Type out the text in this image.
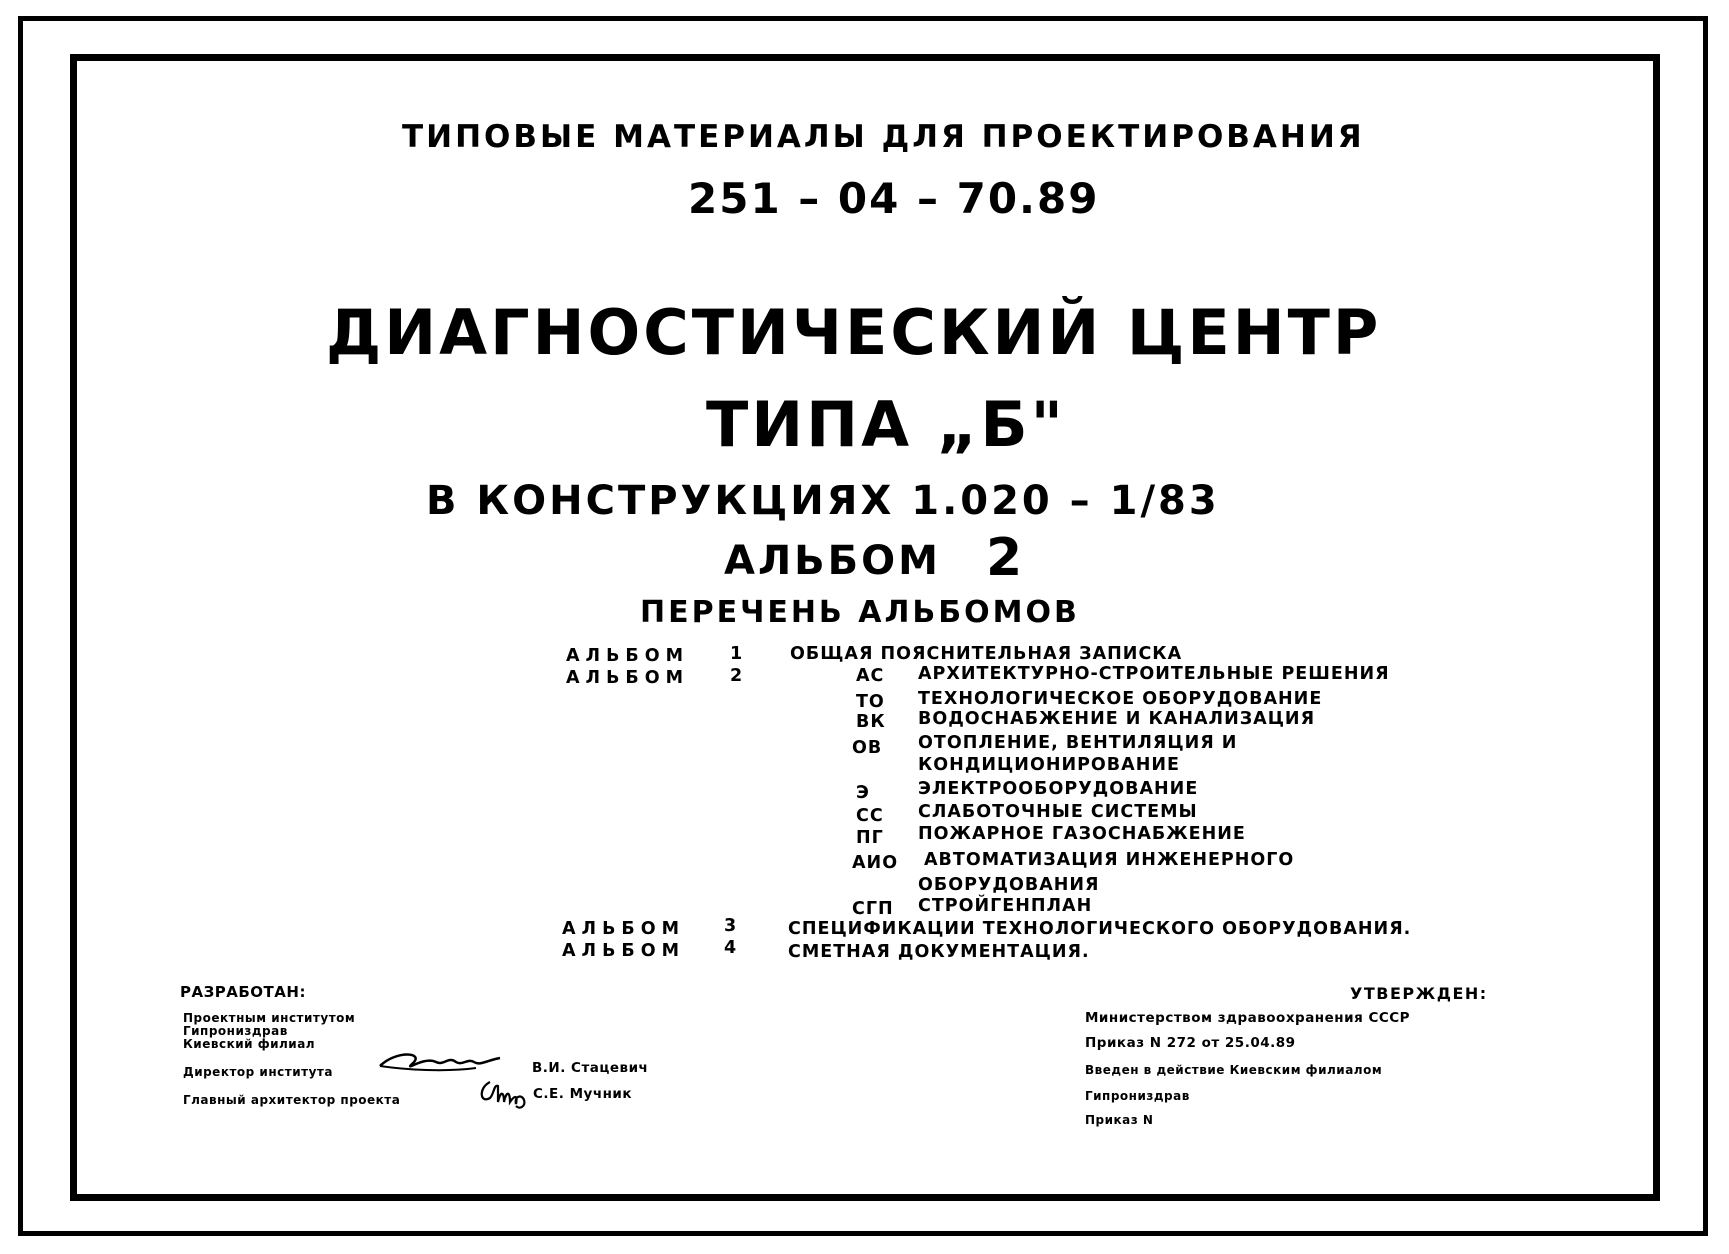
ТИПОВЫЕ МАТЕРИАЛЫ ДЛЯ ПРОЕКТИРОВАНИЯ
251 – 04 – 70.89
ДИАГНОСТИЧЕСКИЙ ЦЕНТР
ТИПА „Б"
В КОНСТРУКЦИЯХ 1.020 – 1/83
АЛЬБОМ 2
ПЕРЕЧЕНЬ АЛЬБОМОВ
АЛЬБОМ 1	ОБЩАЯ ПОЯСНИТЕЛЬНАЯ ЗАПИСКА
АЛЬБОМ 2	АС АРХИТЕКТУРНО-СТРОИТЕЛЬНЫЕ РЕШЕНИЯ
ТО ТЕХНОЛОГИЧЕСКОЕ ОБОРУДОВАНИЕ
ВК ВОДОСНАБЖЕНИЕ И КАНАЛИЗАЦИЯ
ОВ ОТОПЛЕНИЕ, ВЕНТИЛЯЦИЯ И
КОНДИЦИОНИРОВАНИЕ
Э	ЭЛЕКТРООБОРУДОВАНИЕ
СС СЛАБОТОЧНЫЕ СИСТЕМЫ
ПГ ПОЖАРНОЕ ГАЗОСНАБЖЕНИЕ
АИО АВТОМАТИЗАЦИЯ ИНЖЕНЕРНОГО
ОБОРУДОВАНИЯ
СГП СТРОЙГЕНПЛАН
АЛЬБОМ 3	СПЕЦИФИКАЦИИ ТЕХНОЛОГИЧЕСКОГО ОБОРУДОВАНИЯ.
АЛЬБОМ 4	СМЕТНАЯ ДОКУМЕНТАЦИЯ.
РАЗРАБОТАН:
Проектным институтом
Гипрониздрав
Киевский филиал
Директор института	В.И. Стацевич
Главный архитектор проекта	С.Е. Мучник
УТВЕРЖДЕН:
Министерством здравоохранения СССР
Приказ N 272 от 25.04.89
Введен в действие Киевским филиалом
Гипрониздрав
Приказ N
